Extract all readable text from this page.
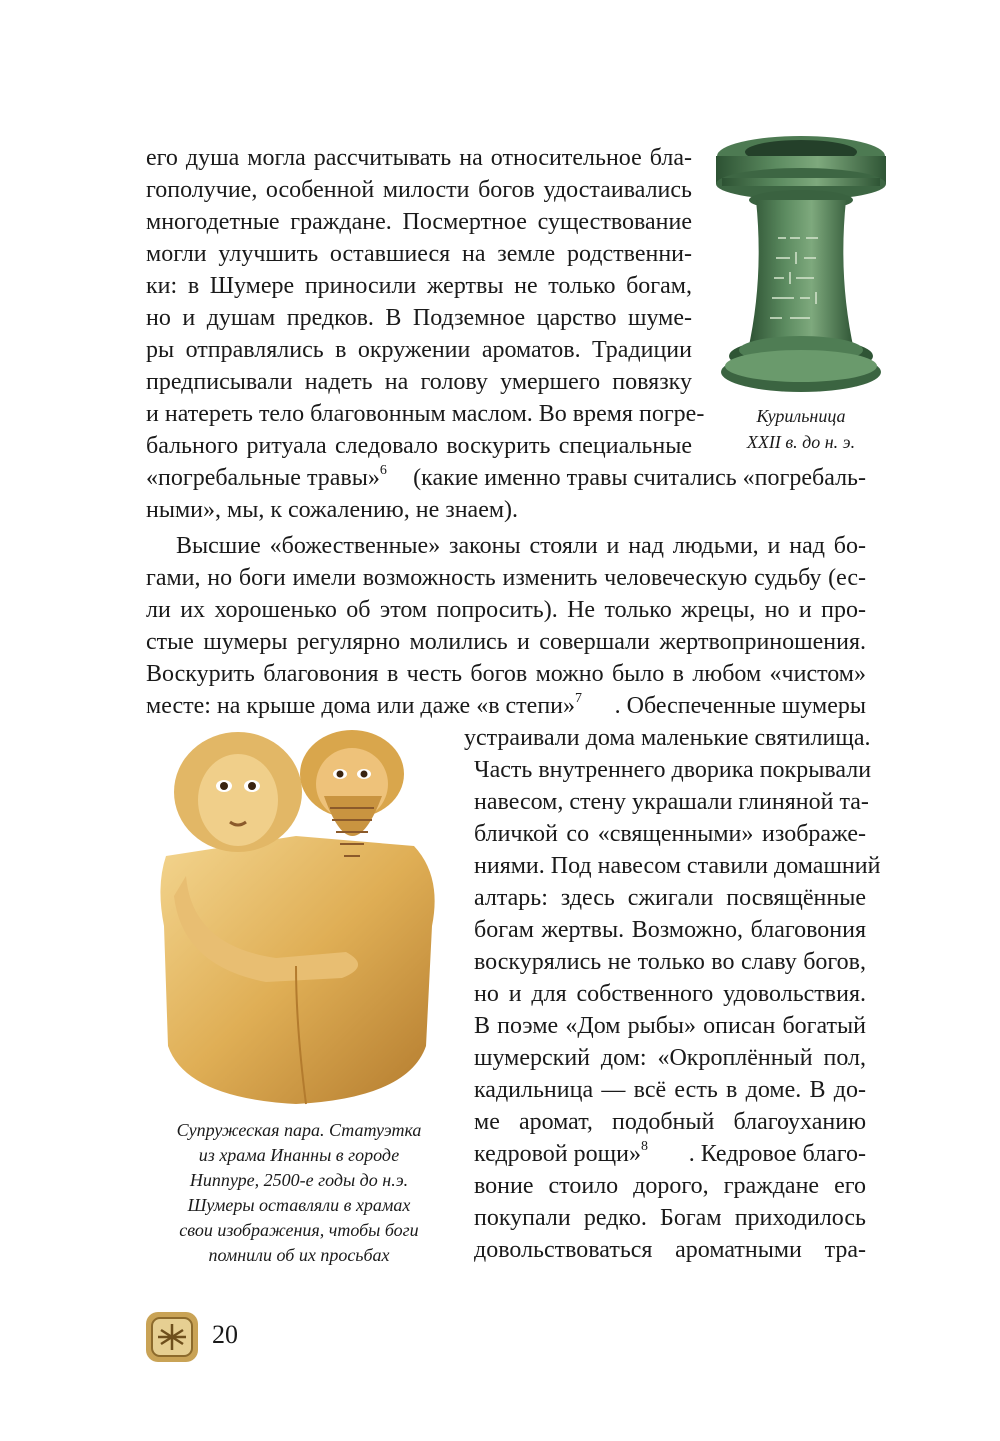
Курильница
XXII в. до н. э.
его душа могла рассчитывать на относительное бла-
гополучие, особенной милости богов удостаивались
многодетные граждане. Посмертное существование
могли улучшить оставшиеся на земле родственни-
ки: в Шумере приносили жертвы не только богам,
но и душам предков. В Подземное царство шуме-
ры отправлялись в окружении ароматов. Традиции
предписывали надеть на голову умершего повязку
и натереть тело благовонным маслом. Во время погре-
бального ритуала следовало воскурить специальные
«погребальные травы»$^6$ (какие именно травы считались «погребаль-
ными», мы, к сожалению, не знаем).
Высшие «божественные» законы стояли и над людьми, и над бо-
гами, но боги имели возможность изменить человеческую судьбу (ес-
ли их хорошенько об этом попросить). Не только жрецы, но и про-
стые шумеры регулярно молились и совершали жертвоприношения.
Воскурить благовония в честь богов можно было в любом «чистом»
месте: на крыше дома или даже «в степи»$^7$ . Обеспеченные шумеры
устраивали дома маленькие святилища.
Часть внутреннего дворика покрывали
навесом, стену украшали глиняной та-
бличкой со «священными» изображе-
ниями. Под навесом ставили домашний
алтарь: здесь сжигали посвящённые
богам жертвы. Возможно, благовония
воскурялись не только во славу богов,
но и для собственного удовольствия.
В поэме «Дом рыбы» описан богатый
шумерский дом: «Окроплённый пол,
кадильница — всё есть в доме. В до-
ме аромат, подобный благоуханию
кедровой рощи»$^8$ . Кедровое благо-
воние стоило дорого, граждане его
покупали редко. Богам приходилось
довольствоваться ароматными тра-
Супружеская пара. Статуэтка
из храма Инанны в городе
Ниппуре, 2500-е годы до н.э.
Шумеры оставляли в храмах
свои изображения, чтобы боги
помнили об их просьбах
20
